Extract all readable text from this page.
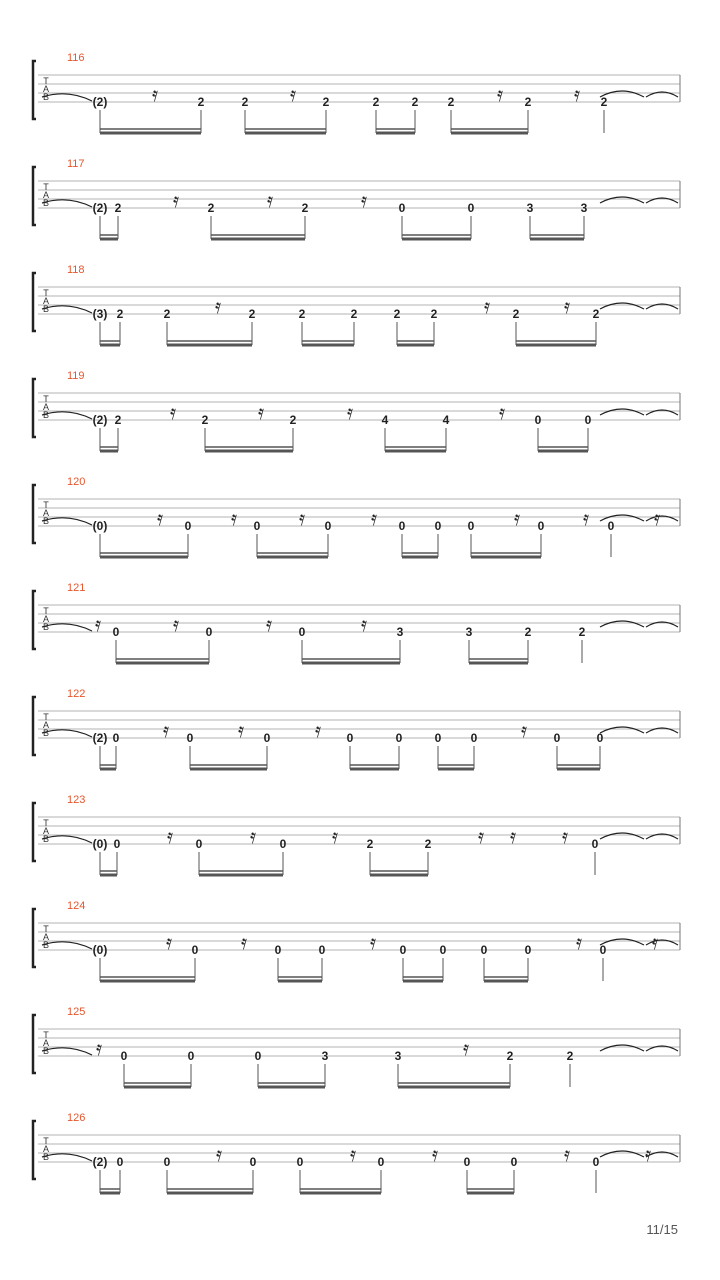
116
T
A
B	(2) 𝄿	2	2 𝄿 2	2	2 2 𝄿 2 𝄿 2
117
T
A
B	(2) 2	𝄿 2	𝄿 2	𝄿	0	0	3	3
118
T
A
B	(3) 2	2 𝄿 2	2	2	2	2 𝄿 2 𝄿 2
119
T
A
B	(2) 2 𝄿 2 𝄿 2	𝄿 4	4 𝄿 0	0
120
T
A
B	(0) 𝄿 0 𝄿 0 𝄿 0 𝄿 0 0 0 𝄿 0 𝄿 0 𝄿
121
T
A
B 𝄿 0	𝄿 0	𝄿 0	𝄿 3	3	2	2
122
T
A
B	(2) 0 𝄿 0 𝄿 0 𝄿 0	0	0 0 𝄿 0	0
123
T
A
B	(0) 0 𝄿 0 𝄿 0 𝄿 2	2 𝄿 𝄿 𝄿 0
124
T
A
B	(0)	𝄿 0 𝄿 0	0 𝄿 0	0	0	0 𝄿 0 𝄿
125
T
A
B 𝄿 0	0	0	3	3	𝄿	2	2
126
T
A
B	(2) 0	0 𝄿 0	0 𝄿 0 𝄿 0	0 𝄿 0 𝄿
11/15
